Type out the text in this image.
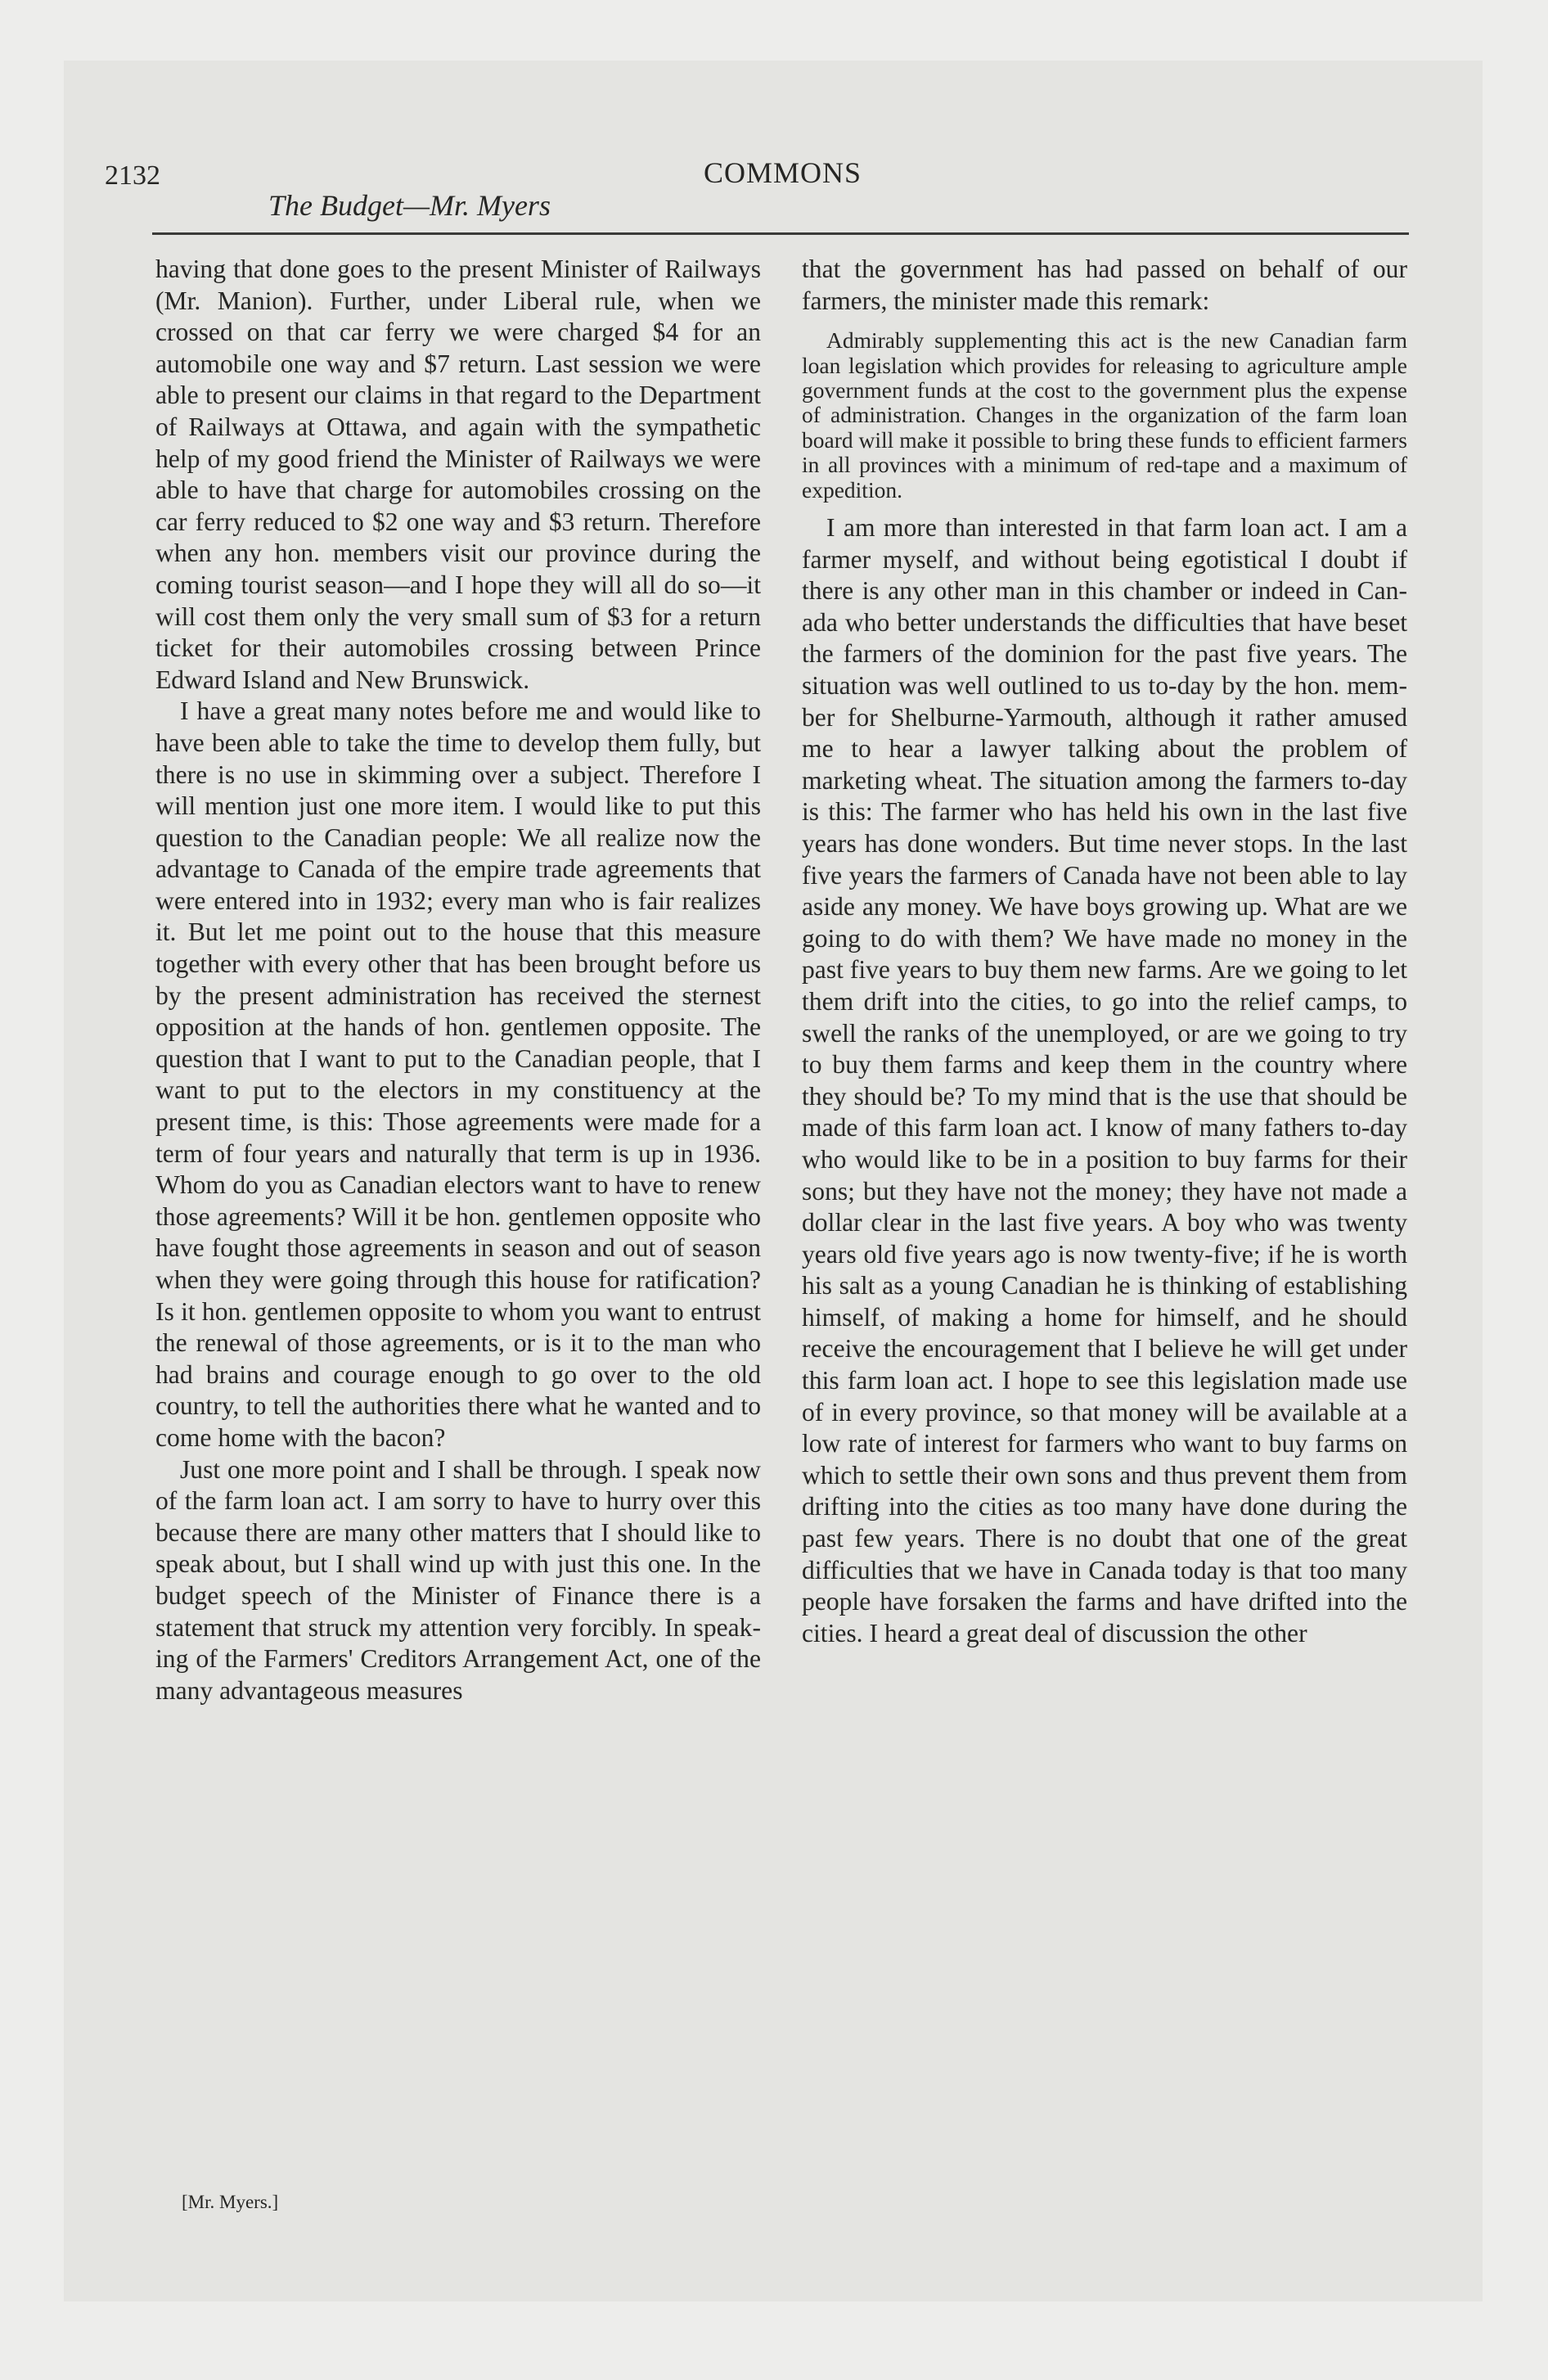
2132	COMMONS

The Budget—Mr. Myers

having that done goes to the present Minister of Railways (Mr. Manion). Further, under Liberal rule, when we crossed on that car ferry we were charged $4 for an automobile one way and $7 return. Last session we were able to present our claims in that regard to the Department of Railways at Ottawa, and again with the sympathetic help of my good friend the Minister of Railways we were able to have that charge for automobiles crossing on the car ferry reduced to $2 one way and $3 return. Therefore when any hon. members visit our province during the coming tourist season—and I hope they will all do so—it will cost them only the very small sum of $3 for a return ticket for their automobiles crossing between Prince Edward Island and New Brunswick.

I have a great many notes before me and would like to have been able to take the time to develop them fully, but there is no use in skimming over a subject. Therefore I will mention just one more item. I would like to put this question to the Canadian people: We all realize now the advantage to Canada of the empire trade agreements that were entered into in 1932; every man who is fair realizes it. But let me point out to the house that this measure together with every other that has been brought before us by the present administration has received the sternest opposition at the hands of hon. gentlemen opposite. The question that I want to put to the Canadian people, that I want to put to the electors in my constituency at the present time, is this: Those agreements were made for a term of four years and naturally that term is up in 1936. Whom do you as Canadian electors want to have to renew those agreements? Will it be hon. gentlemen opposite who have fought those agreements in season and out of season when they were going through this house for ratification? Is it hon. gentlemen opposite to whom you want to entrust the renewal of those agreements, or is it to the man who had brains and courage enough to go over to the old country, to tell the authorities there what he wanted and to come home with the bacon?

Just one more point and I shall be through. I speak now of the farm loan act. I am sorry to have to hurry over this because there are many other matters that I should like to speak about, but I shall wind up with just this one. In the budget speech of the Minister of Finance there is a statement that struck my attention very forcibly. In speaking of the Farmers' Creditors Arrangement Act, one of the many advantageous measures

that the government has had passed on behalf of our farmers, the minister made this remark:

Admirably supplementing this act is the new Canadian farm loan legislation which provides for releasing to agriculture ample government funds at the cost to the government plus the expense of administration. Changes in the organization of the farm loan board will make it possible to bring these funds to efficient farmers in all provinces with a minimum of red-tape and a maximum of expedition.

I am more than interested in that farm loan act. I am a farmer myself, and without being egotistical I doubt if there is any other man in this chamber or indeed in Canada who better understands the difficulties that have beset the farmers of the dominion for the past five years. The situation was well outlined to us to-day by the hon. member for Shelburne-Yarmouth, although it rather amused me to hear a lawyer talking about the problem of marketing wheat. The situation among the farmers to-day is this: The farmer who has held his own in the last five years has done wonders. But time never stops. In the last five years the farmers of Canada have not been able to lay aside any money. We have boys growing up. What are we going to do with them? We have made no money in the past five years to buy them new farms. Are we going to let them drift into the cities, to go into the relief camps, to swell the ranks of the unemployed, or are we going to try to buy them farms and keep them in the country where they should be? To my mind that is the use that should be made of this farm loan act. I know of many fathers to-day who would like to be in a position to buy farms for their sons; but they have not the money; they have not made a dollar clear in the last five years. A boy who was twenty years old five years ago is now twenty-five; if he is worth his salt as a young Canadian he is thinking of establishing himself, of making a home for himself, and he should receive the encouragement that I believe he will get under this farm loan act. I hope to see this legislation made use of in every province, so that money will be available at a low rate of interest for farmers who want to buy farms on which to settle their own sons and thus prevent them from drifting into the cities as too many have done during the past few years. There is no doubt that one of the great difficulties that we have in Canada today is that too many people have forsaken the farms and have drifted into the cities. I heard a great deal of discussion the other

[Mr. Myers.]
